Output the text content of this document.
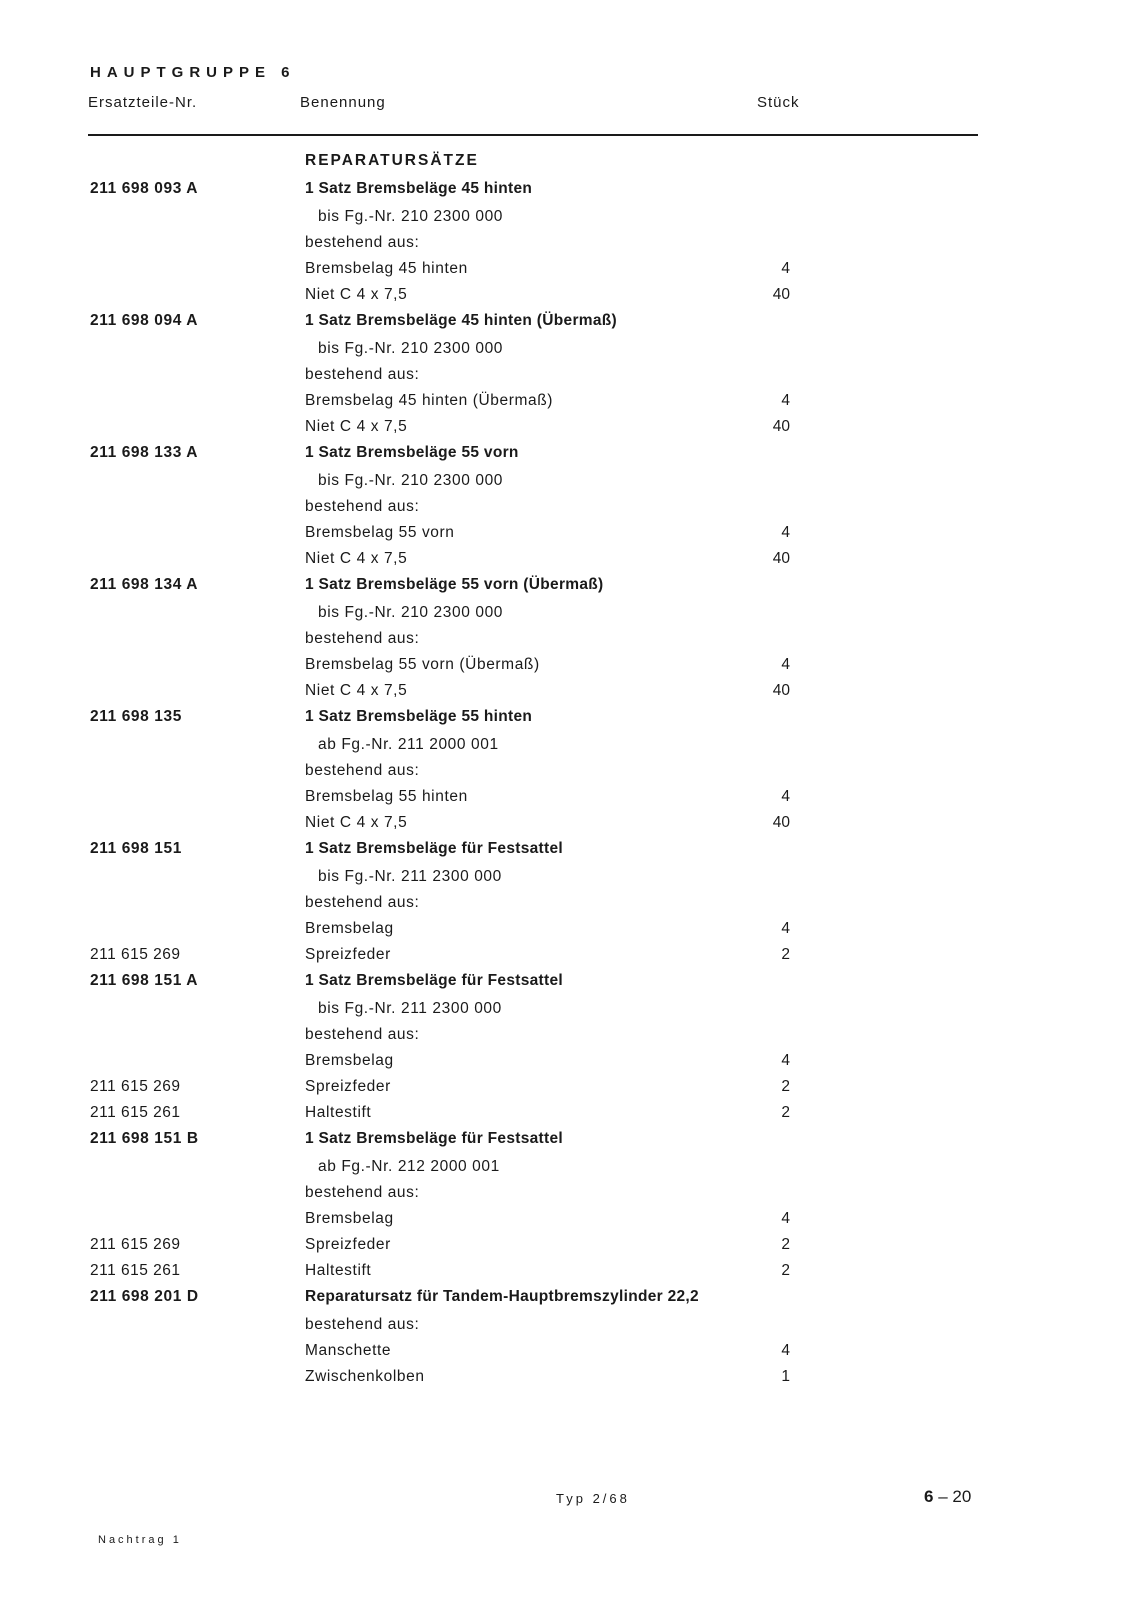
HAUPTGRUPPE 6
Ersatzteile-Nr.	Benennung	Stück
REPARATURSÄTZE
211 698 093 A	1 Satz Bremsbeläge 45 hinten
bis Fg.-Nr. 210 2300 000
bestehend aus:
Bremsbelag 45 hinten	4
Niet C 4 x 7,5	40
211 698 094 A	1 Satz Bremsbeläge 45 hinten (Übermaß)
bis Fg.-Nr. 210 2300 000
bestehend aus:
Bremsbelag 45 hinten (Übermaß)	4
Niet C 4 x 7,5	40
211 698 133 A	1 Satz Bremsbeläge 55 vorn
bis Fg.-Nr. 210 2300 000
bestehend aus:
Bremsbelag 55 vorn	4
Niet C 4 x 7,5	40
211 698 134 A	1 Satz Bremsbeläge 55 vorn (Übermaß)
bis Fg.-Nr. 210 2300 000
bestehend aus:
Bremsbelag 55 vorn (Übermaß)	4
Niet C 4 x 7,5	40
211 698 135	1 Satz Bremsbeläge 55 hinten
ab Fg.-Nr. 211 2000 001
bestehend aus:
Bremsbelag 55 hinten	4
Niet C 4 x 7,5	40
211 698 151	1 Satz Bremsbeläge für Festsattel
bis Fg.-Nr. 211 2300 000
bestehend aus:
Bremsbelag	4
211 615 269	Spreizfeder	2
211 698 151 A	1 Satz Bremsbeläge für Festsattel
bis Fg.-Nr. 211 2300 000
bestehend aus:
Bremsbelag	4
211 615 269	Spreizfeder	2
211 615 261	Haltestift	2
211 698 151 B	1 Satz Bremsbeläge für Festsattel
ab Fg.-Nr. 212 2000 001
bestehend aus:
Bremsbelag	4
211 615 269	Spreizfeder	2
211 615 261	Haltestift	2
211 698 201 D	Reparatursatz für Tandem-Hauptbremszylinder 22,2
bestehend aus:
Manschette	4
Zwischenkolben	1
Typ 2/68	6 – 20
Nachtrag 1
